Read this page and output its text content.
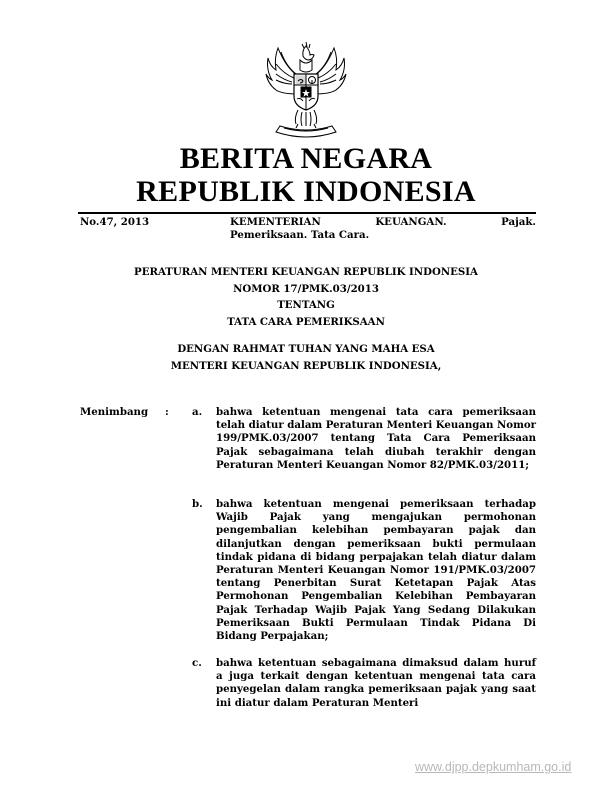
BERITA NEGARA
REPUBLIK INDONESIA
No.47, 2013	KEMENTERIAN	KEUANGAN.	Pajak.
Pemeriksaan. Tata Cara.
PERATURAN MENTERI KEUANGAN REPUBLIK INDONESIA
NOMOR 17/PMK.03/2013
TENTANG
TATA CARA PEMERIKSAAN
DENGAN RAHMAT TUHAN YANG MAHA ESA
MENTERI KEUANGAN REPUBLIK INDONESIA,
Menimbang : a. bahwa ketentuan mengenai tata cara pemeriksaan telah diatur dalam Peraturan Menteri Keuangan Nomor 199/PMK.03/2007 tentang Tata Cara Pemeriksaan Pajak sebagaimana telah diubah terakhir dengan Peraturan Menteri Keuangan Nomor 82/PMK.03/2011;
b. bahwa ketentuan mengenai pemeriksaan terhadap Wajib Pajak yang mengajukan permohonan pengembalian kelebihan pembayaran pajak dan dilanjutkan dengan pemeriksaan bukti permulaan tindak pidana di bidang perpajakan telah diatur dalam Peraturan Menteri Keuangan Nomor 191/PMK.03/2007 tentang Penerbitan Surat Ketetapan Pajak Atas Permohonan Pengembalian Kelebihan Pembayaran Pajak Terhadap Wajib Pajak Yang Sedang Dilakukan Pemeriksaan Bukti Permulaan Tindak Pidana Di Bidang Perpajakan;
c. bahwa ketentuan sebagaimana dimaksud dalam huruf a juga terkait dengan ketentuan mengenai tata cara penyegelan dalam rangka pemeriksaan pajak yang saat ini diatur dalam Peraturan Menteri
www.djpp.depkumham.go.id
